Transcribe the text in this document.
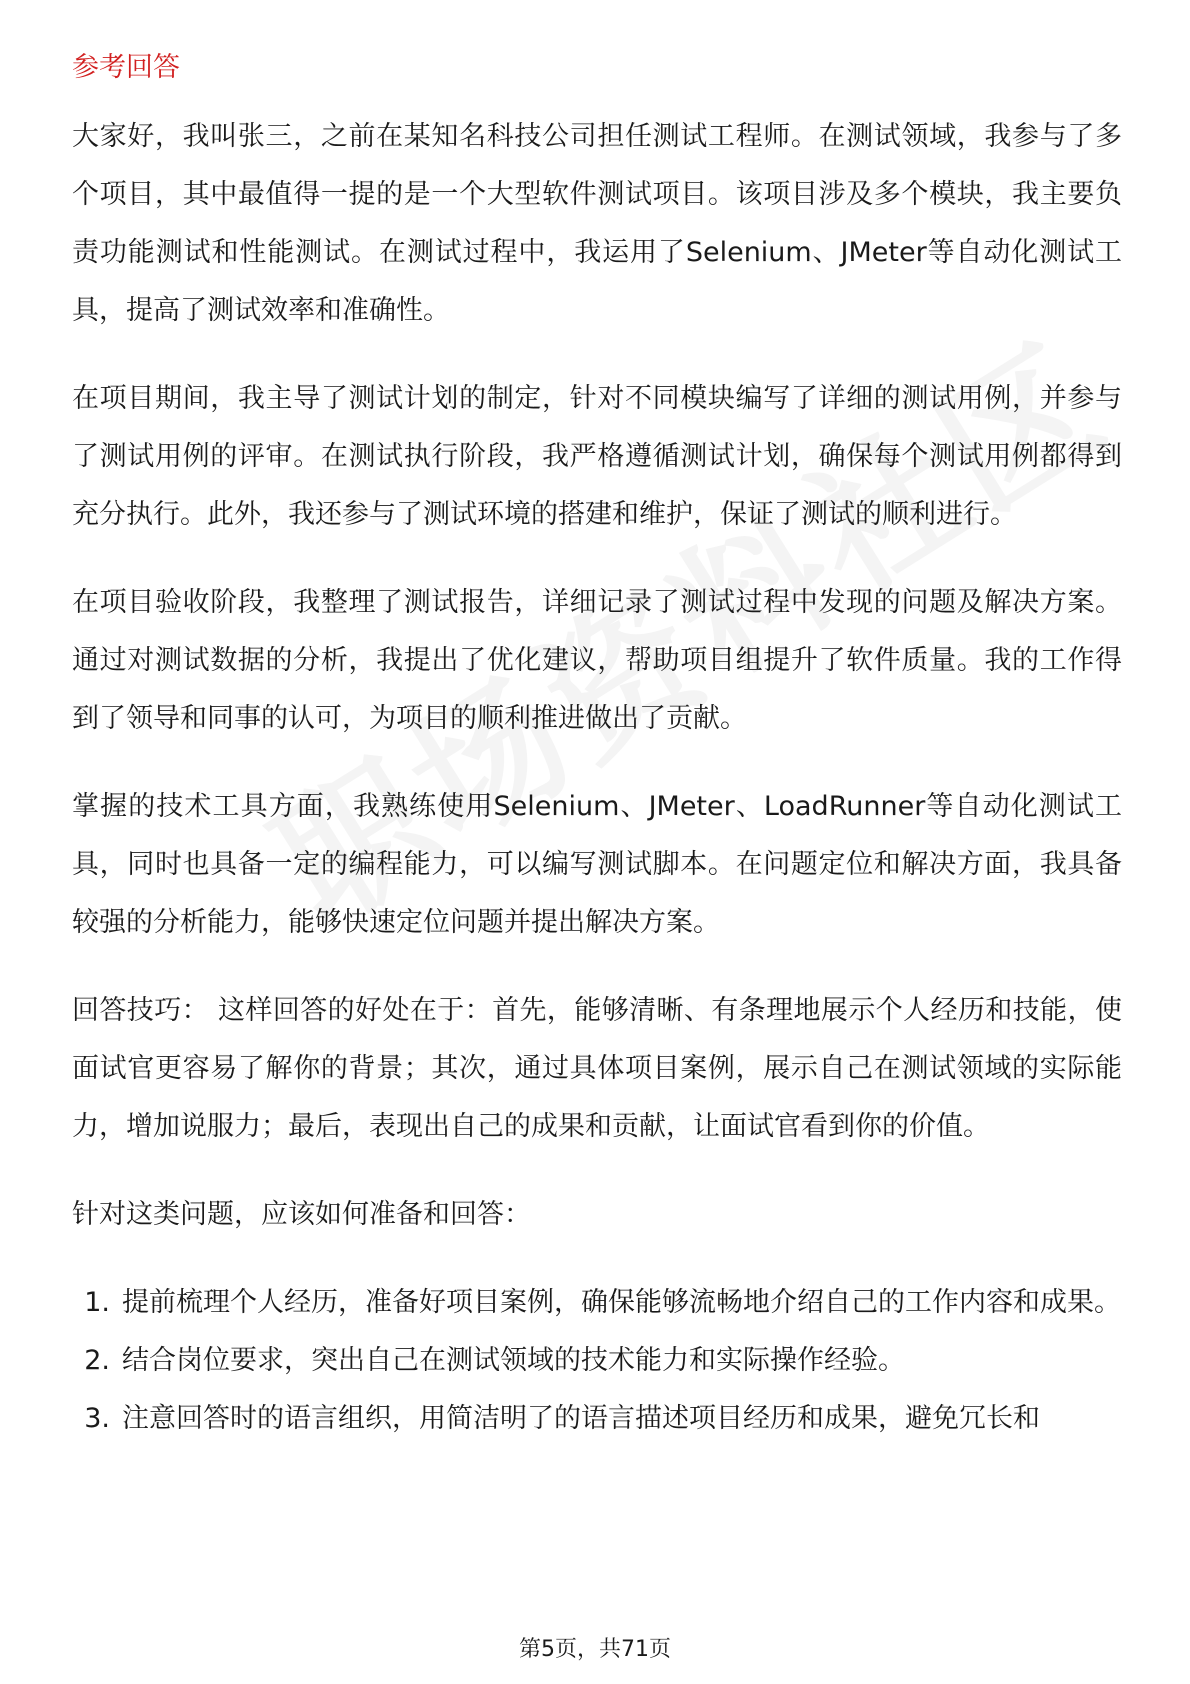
参考回答

大家好，我叫张三，之前在某知名科技公司担任测试工程师。在测试领域，我参与了多个项目，其中最值得一提的是一个大型软件测试项目。该项目涉及多个模块，我主要负责功能测试和性能测试。在测试过程中，我运用了Selenium、JMeter等自动化测试工具，提高了测试效率和准确性。

在项目期间，我主导了测试计划的制定，针对不同模块编写了详细的测试用例，并参与了测试用例的评审。在测试执行阶段，我严格遵循测试计划，确保每个测试用例都得到充分执行。此外，我还参与了测试环境的搭建和维护，保证了测试的顺利进行。

在项目验收阶段，我整理了测试报告，详细记录了测试过程中发现的问题及解决方案。通过对测试数据的分析，我提出了优化建议，帮助项目组提升了软件质量。我的工作得到了领导和同事的认可，为项目的顺利推进做出了贡献。

掌握的技术工具方面，我熟练使用Selenium、JMeter、LoadRunner等自动化测试工具，同时也具备一定的编程能力，可以编写测试脚本。在问题定位和解决方面，我具备较强的分析能力，能够快速定位问题并提出解决方案。

回答技巧： 这样回答的好处在于：首先，能够清晰、有条理地展示个人经历和技能，使面试官更容易了解你的背景；其次，通过具体项目案例，展示自己在测试领域的实际能力，增加说服力；最后，表现出自己的成果和贡献，让面试官看到你的价值。

针对这类问题，应该如何准备和回答：

1. 提前梳理个人经历，准备好项目案例，确保能够流畅地介绍自己的工作内容和成果。
2. 结合岗位要求，突出自己在测试领域的技术能力和实际操作经验。
3. 注意回答时的语言组织，用简洁明了的语言描述项目经历和成果，避免冗长和
第5页，共71页
